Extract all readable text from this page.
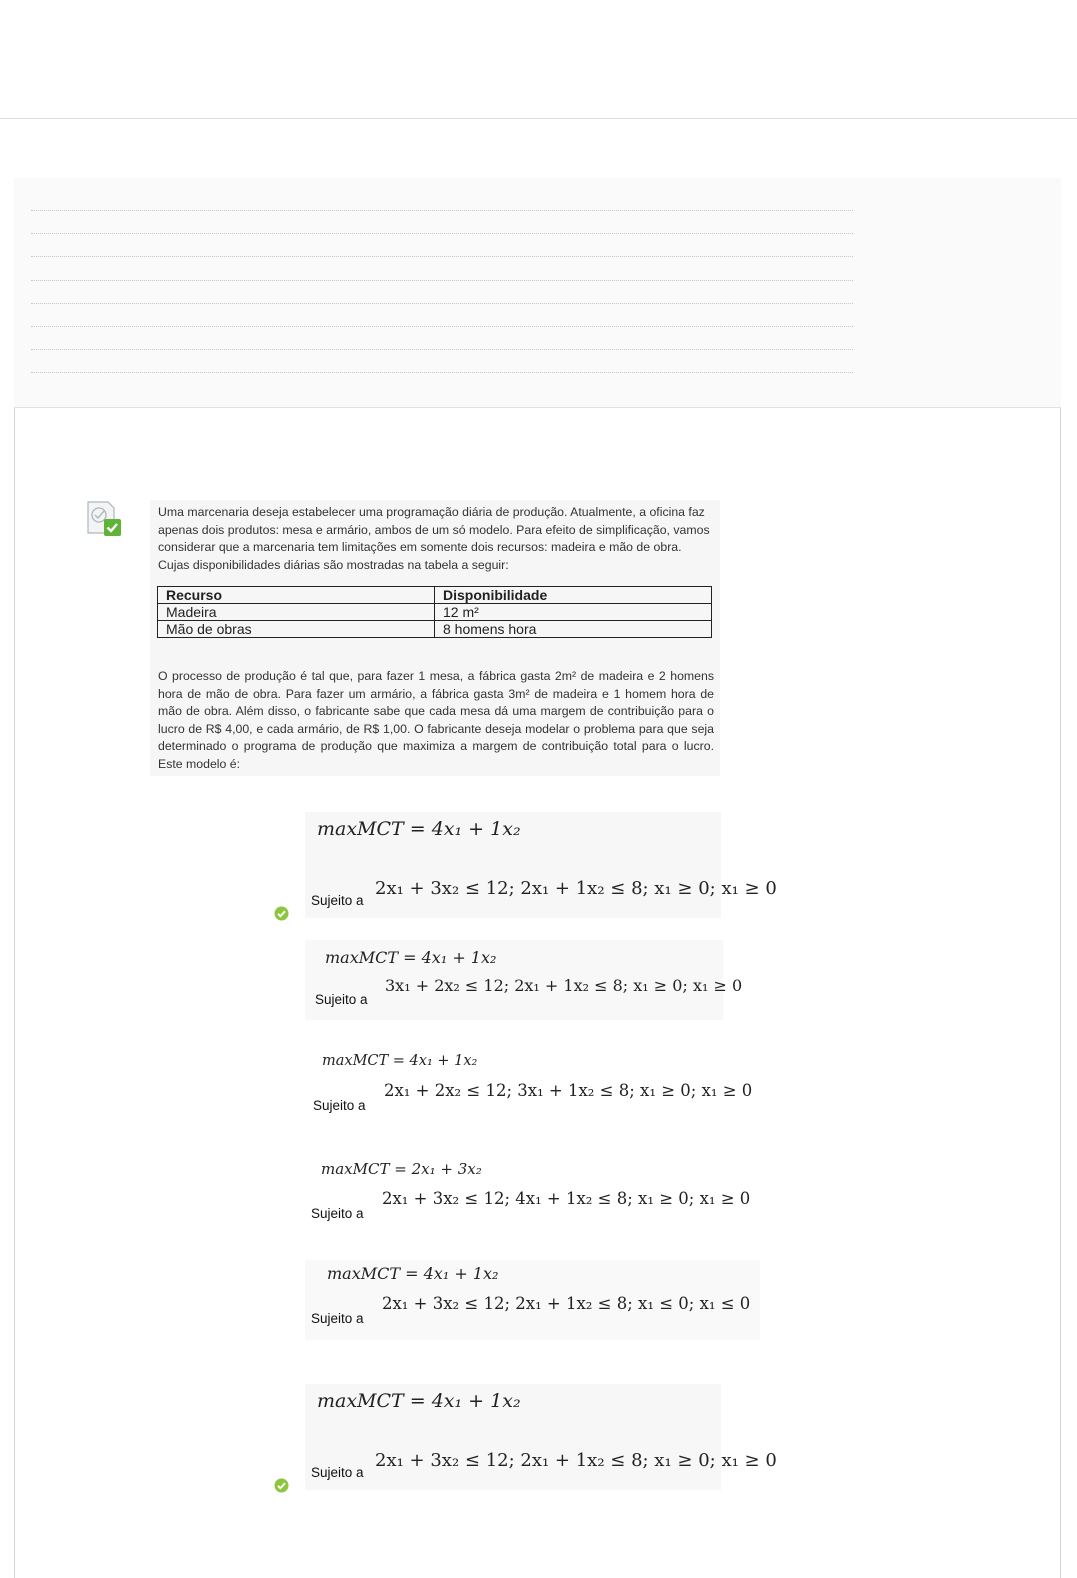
Uma marcenaria deseja estabelecer uma programação diária de produção. Atualmente, a oficina faz apenas dois produtos: mesa e armário, ambos de um só modelo. Para efeito de simplificação, vamos considerar que a marcenaria tem limitações em somente dois recursos: madeira e mão de obra. Cujas disponibilidades diárias são mostradas na tabela a seguir:
Recurso	Disponibilidade
Madeira	12 m²
Mão de obras	8 homens hora
O processo de produção é tal que, para fazer 1 mesa, a fábrica gasta 2m² de madeira e 2 homens hora de mão de obra. Para fazer um armário, a fábrica gasta 3m² de madeira e 1 homem hora de mão de obra. Além disso, o fabricante sabe que cada mesa dá uma margem de contribuição para o lucro de R$ 4,00, e cada armário, de R$ 1,00. O fabricante deseja modelar o problema para que seja determinado o programa de produção que maximiza a margem de contribuição total para o lucro. Este modelo é:
maxMCT = 4x₁ + 1x₂
Sujeito a
2x₁ + 3x₂ ≤ 12; 2x₁ + 1x₂ ≤ 8; x₁ ≥ 0; x₁ ≥ 0
maxMCT = 4x₁ + 1x₂
Sujeito a
3x₁ + 2x₂ ≤ 12; 2x₁ + 1x₂ ≤ 8; x₁ ≥ 0; x₁ ≥ 0
maxMCT = 4x₁ + 1x₂
Sujeito a
2x₁ + 2x₂ ≤ 12; 3x₁ + 1x₂ ≤ 8; x₁ ≥ 0; x₁ ≥ 0
maxMCT = 2x₁ + 3x₂
Sujeito a
2x₁ + 3x₂ ≤ 12; 4x₁ + 1x₂ ≤ 8; x₁ ≥ 0; x₁ ≥ 0
maxMCT = 4x₁ + 1x₂
Sujeito a
2x₁ + 3x₂ ≤ 12; 2x₁ + 1x₂ ≤ 8; x₁ ≤ 0; x₁ ≤ 0
maxMCT = 4x₁ + 1x₂
Sujeito a
2x₁ + 3x₂ ≤ 12; 2x₁ + 1x₂ ≤ 8; x₁ ≥ 0; x₁ ≥ 0
